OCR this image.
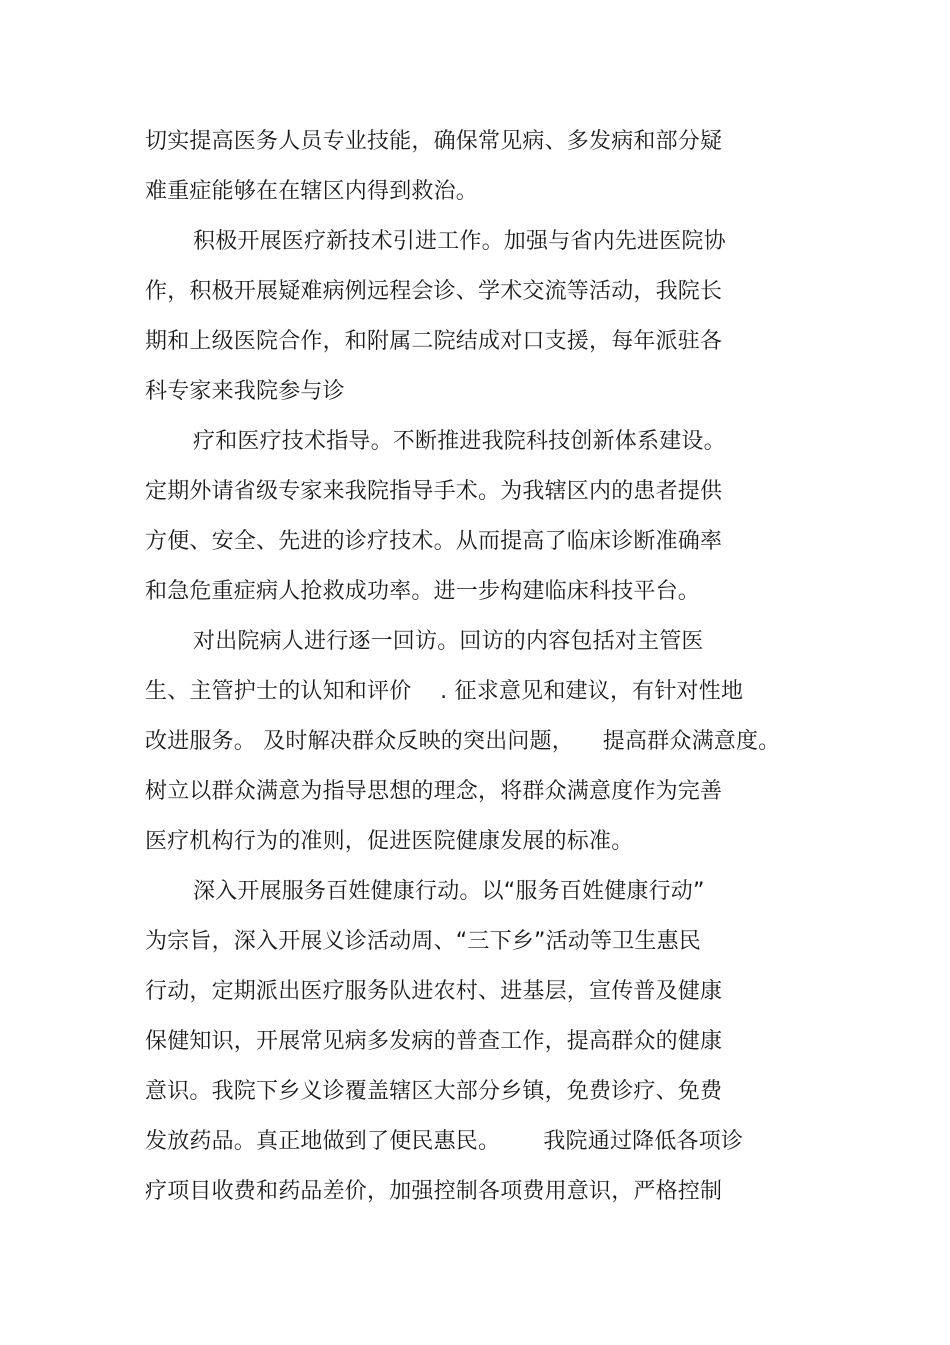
切实提高医务人员专业技能，确保常见病、多发病和部分疑

难重症能够在在辖区内得到救治。

积极开展医疗新技术引进工作。加强与省内先进医院协

作，积极开展疑难病例远程会诊、学术交流等活动，我院长

期和上级医院合作，和附属二院结成对口支援，每年派驻各

科专家来我院参与诊

疗和医疗技术指导。不断推进我院科技创新体系建设。

定期外请省级专家来我院指导手术。为我辖区内的患者提供

方便、安全、先进的诊疗技术。从而提高了临床诊断准确率

和急危重症病人抢救成功率。进一步构建临床科技平台。

对出院病人进行逐一回访。回访的内容包括对主管医

生、主管护士的认知和评价    . 征求意见和建议，有针对性地

改进服务。 及时解决群众反映的突出问题，    提高群众满意度。

树立以群众满意为指导思想的理念，将群众满意度作为完善

医疗机构行为的准则，促进医院健康发展的标准。

深入开展服务百姓健康行动。以“服务百姓健康行动”

为宗旨，深入开展义诊活动周、“三下乡”活动等卫生惠民

行动，定期派出医疗服务队进农村、进基层，宣传普及健康

保健知识，开展常见病多发病的普查工作，提高群众的健康

意识。我院下乡义诊覆盖辖区大部分乡镇，免费诊疗、免费

发放药品。真正地做到了便民惠民。      我院通过降低各项诊

疗项目收费和药品差价，加强控制各项费用意识，严格控制
